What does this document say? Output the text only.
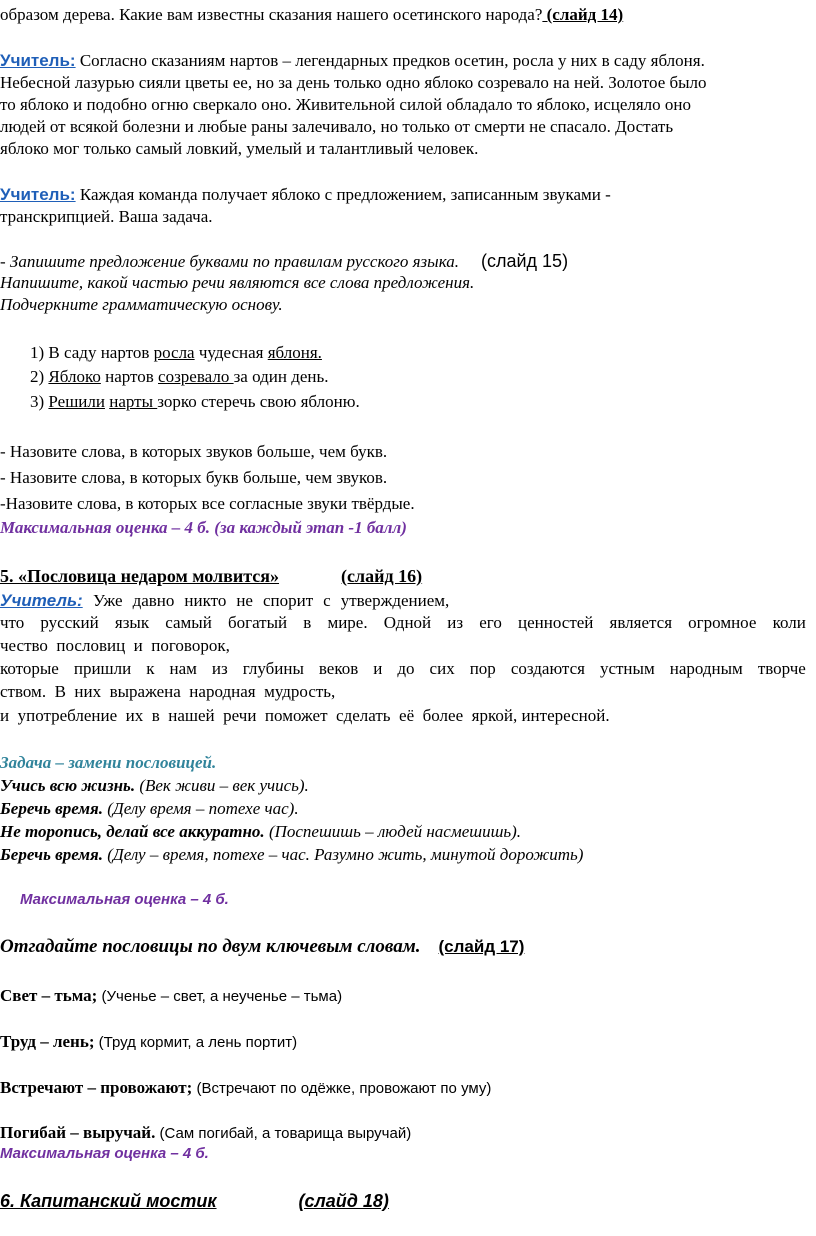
образом дерева. Какие вам известны сказания нашего осетинского народа? (слайд 14)
Учитель: Согласно сказаниям нартов – легендарных предков осетин, росла у них в саду яблоня.
Небесной лазурью сияли цветы ее, но за день только одно яблоко созревало на ней. Золотое было
то яблоко и подобно огню сверкало оно. Живительной силой обладало то яблоко, исцеляло оно
людей от всякой болезни и любые раны залечивало, но только от смерти не спасало. Достать
яблоко мог только самый ловкий, умелый и талантливый человек.
Учитель: Каждая команда получает яблоко с предложением, записанным звуками -
транскрипцией. Ваша задача.
- Запишите предложение буквами по правилам русского языка. (слайд 15)
Напишите, какой частью речи являются все слова предложения.
Подчеркните грамматическую основу.
1) В саду нартов росла чудесная яблоня.
2) Яблоко нартов созревало за один день.
3) Решили нарты зорко стеречь свою яблоню.
- Назовите слова, в которых звуков больше, чем букв.
- Назовите слова, в которых букв больше, чем звуков.
-Назовите слова, в которых все согласные звуки твёрдые.
Максимальная оценка – 4 б. (за каждый этап -1 балл)
5. «Пословица недаром молвится»	(слайд 16)
Учитель: Уже давно никто не спорит с утверждением,
что русский язык самый богатый в мире. Одной из его ценностей является огромное коли
чество  пословиц  и  поговорок,
которые пришли к нам из глубины веков и до сих пор создаются устным народным творче
ством.  В  них  выражена  народная  мудрость,
и  употребление  их  в  нашей  речи  поможет  сделать  её  более  яркой, интересной.
Задача – замени пословицей.
Учись всю жизнь. (Век живи – век учись).
Беречь время. (Делу время – потехе час).
Не торопись, делай все аккуратно. (Поспешишь – людей насмешишь).
Беречь время. (Делу – время, потехе – час. Разумно жить, минутой дорожить)
Максимальная оценка – 4 б.
Отгадайте пословицы по двум ключевым словам. (слайд 17)
Свет – тьма; (Ученье – свет, а неученье – тьма)
Труд – лень; (Труд кормит, а лень портит)
Встречают – провожают; (Встречают по одёжке, провожают по уму)
Погибай – выручай. (Сам погибай, а товарища выручай)
Максимальная оценка – 4 б.
6. Капитанский мостик	(слайд 18)
